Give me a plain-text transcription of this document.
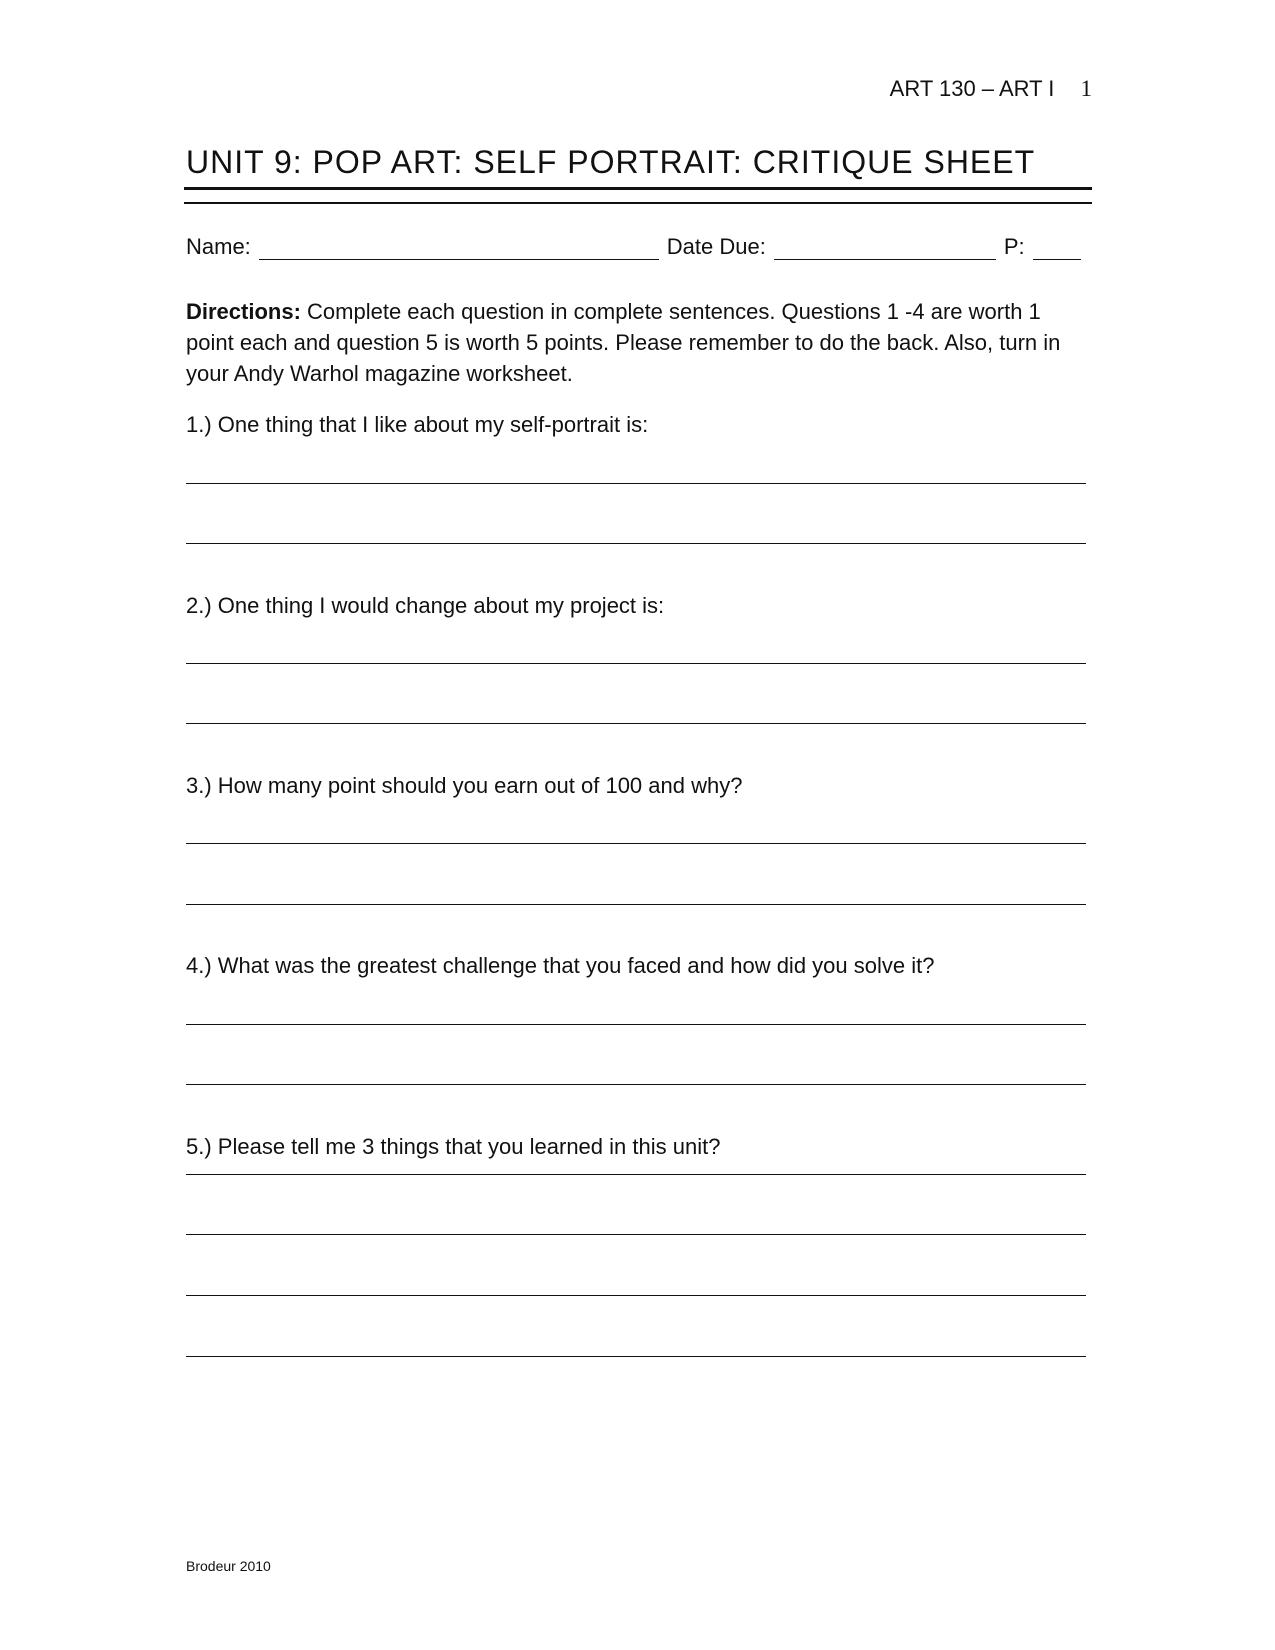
ART 130 – ART I 1
UNIT 9: POP ART: SELF PORTRAIT: CRITIQUE SHEET
Name:	Date Due:	P:

Directions: Complete each question in complete sentences. Questions 1 -4 are worth 1 point each and question 5 is worth 5 points. Please remember to do the back. Also, turn in your Andy Warhol magazine worksheet.

1.) One thing that I like about my self-portrait is:
2.) One thing I would change about my project is:
3.) How many point should you earn out of 100 and why?
4.) What was the greatest challenge that you faced and how did you solve it?
5.) Please tell me 3 things that you learned in this unit?
Brodeur 2010
